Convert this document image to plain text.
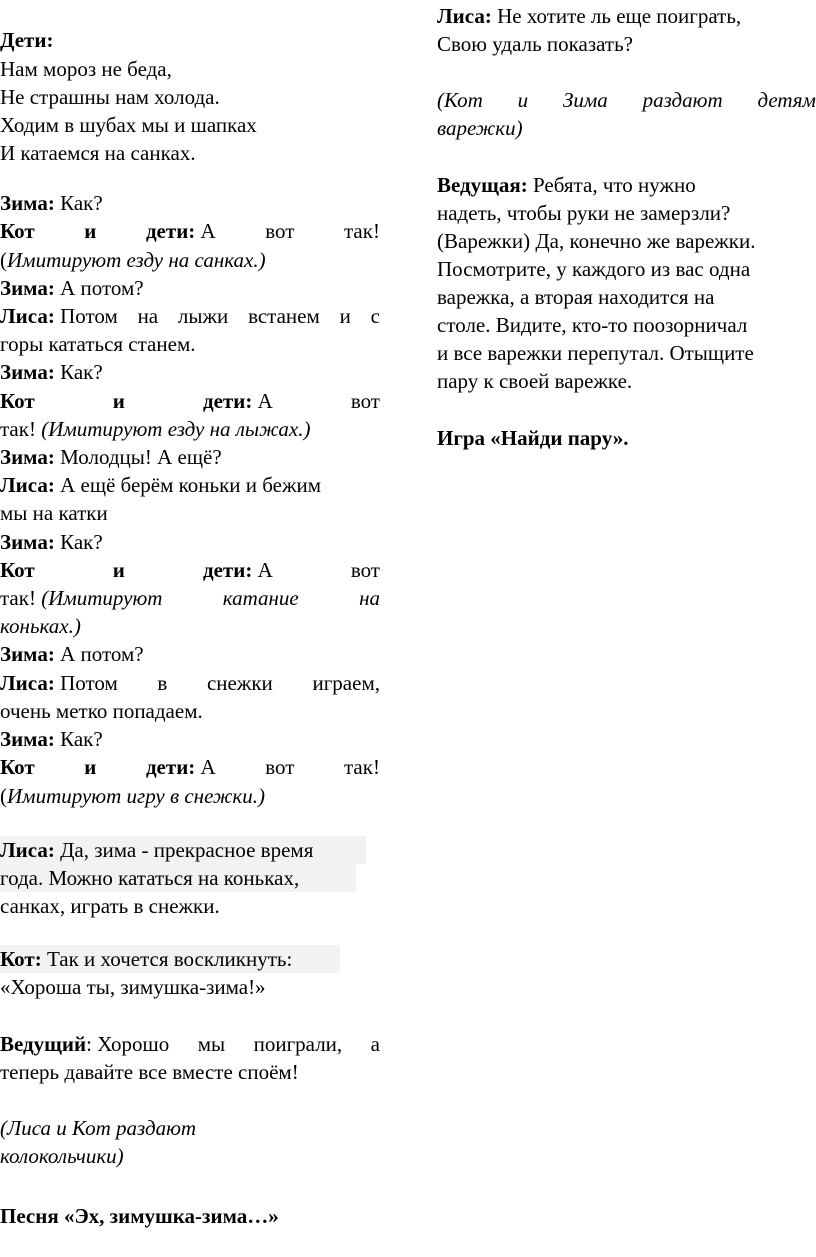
Дети:
Нам мороз не беда,
Не страшны нам холода.
Ходим в шубах мы и шапках
И катаемся на санках.
Зима: Как?
Кот и дети: А вот так!
(Имитируют езду на санках.)
Зима: А потом?
Лиса: Потом на лыжи встанем и с
горы кататься станем.
Зима: Как?
Кот	и	дети: А	вот
так! (Имитируют езду на лыжах.)
Зима: Молодцы! А ещё?
Лиса: А ещё берём коньки и бежим
мы на катки
Зима: Как?
Кот	и	дети: А	вот
так! (Имитируют	катание	на
коньках.)
Зима: А потом?
Лиса: Потом в снежки играем,
очень метко попадаем.
Зима: Как?
Кот и дети: А вот так!
(Имитируют игру в снежки.)
Лиса: Да, зима - прекрасное время
года. Можно кататься на коньках,
санках, играть в снежки.
Кот: Так и хочется воскликнуть:
«Хороша ты, зимушка-зима!»
Ведущий: Хорошо мы поиграли, а
теперь давайте все вместе споём!
(Лиса и Кот раздают
колокольчики)
Песня «Эх, зимушка-зима…»
Лиса: Не хотите ль еще поиграть,
Свою удаль показать?
(Кот и Зима раздают детям
варежки)
Ведущая: Ребята, что нужно
надеть, чтобы руки не замерзли?
(Варежки) Да, конечно же варежки.
Посмотрите, у каждого из вас одна
варежка, а вторая находится на
столе. Видите, кто-то поозорничал
и все варежки перепутал. Отыщите
пару к своей варежке.
Игра «Найди пару».
